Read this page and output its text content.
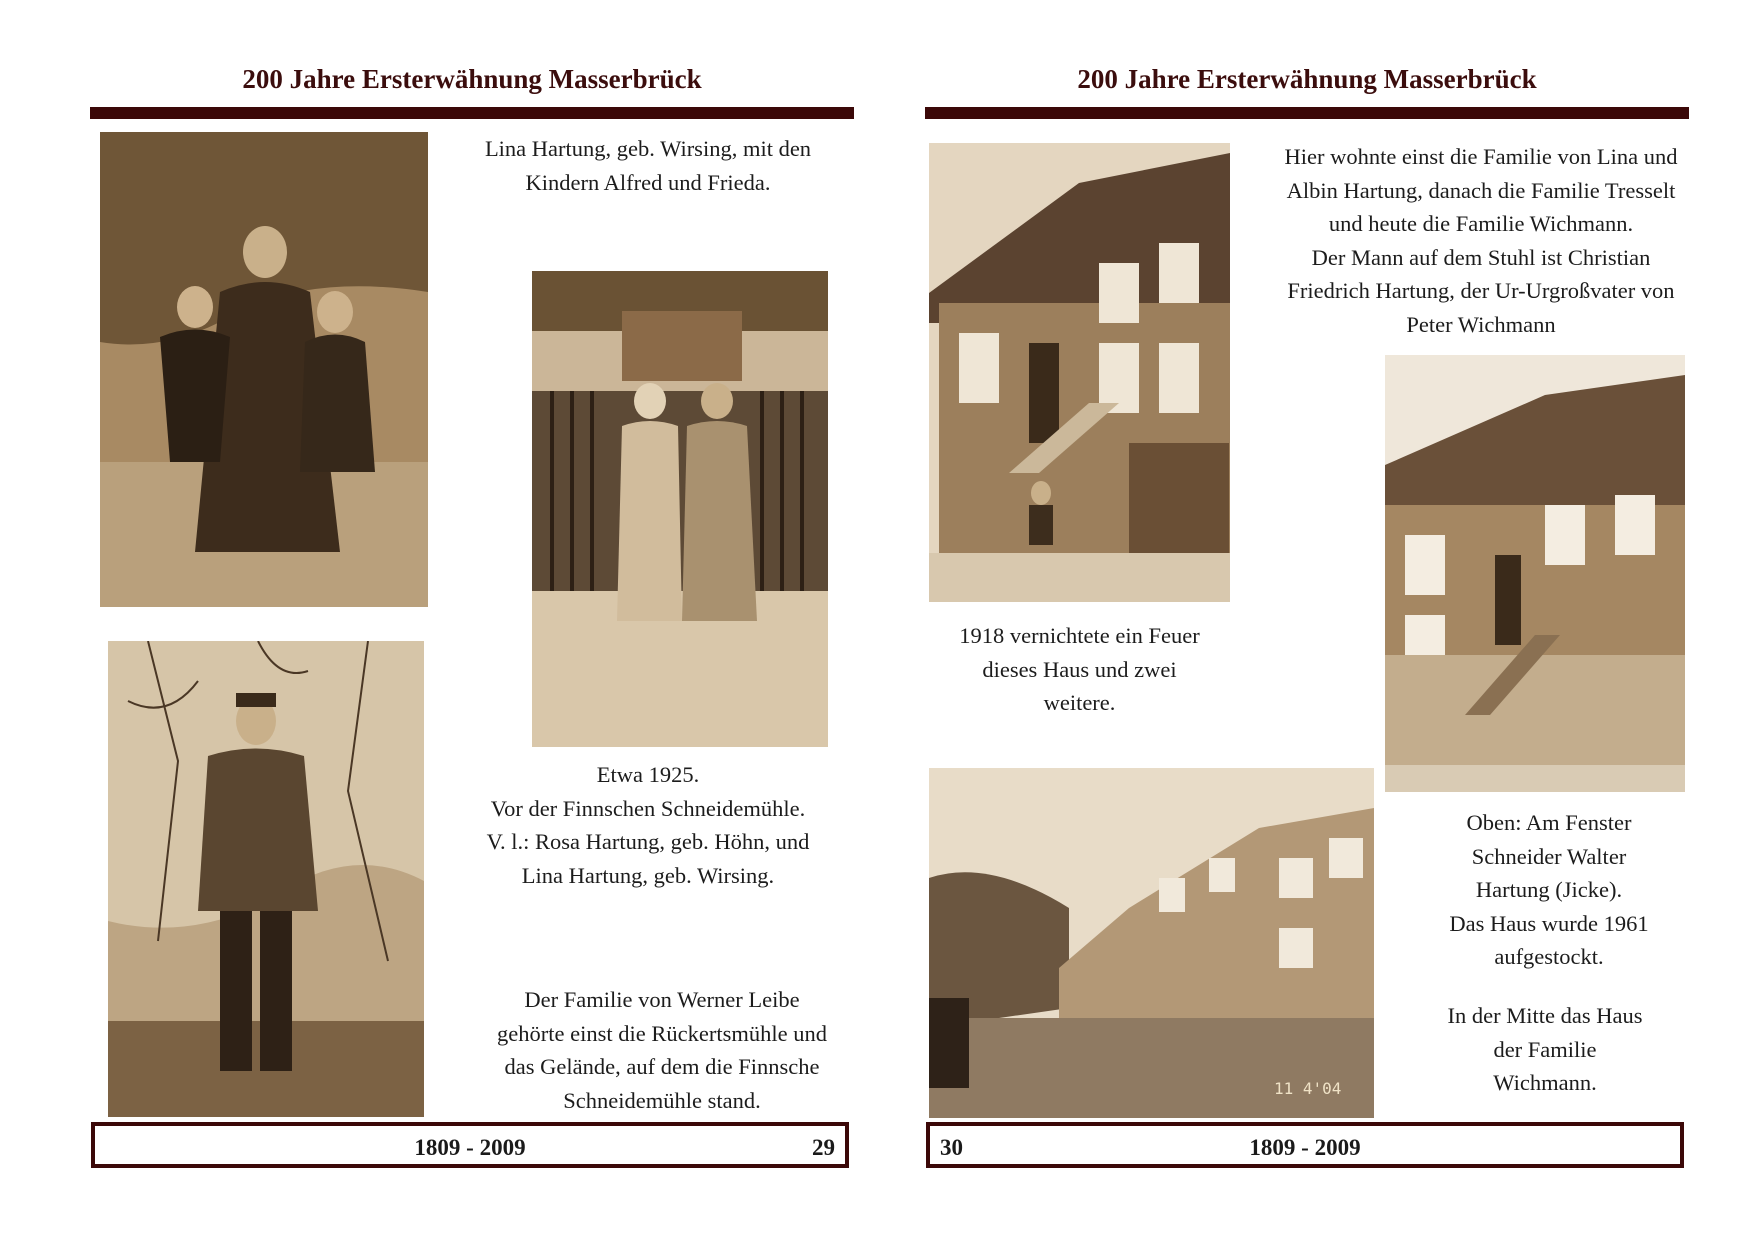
200 Jahre Ersterwähnung Masserbrück

Lina Hartung, geb. Wirsing, mit den

Kindern Alfred und Frieda.

Etwa 1925.

Vor der Finnschen Schneidemühle.

V. l.: Rosa Hartung, geb. Höhn, und

Lina Hartung, geb. Wirsing.

Der Familie von Werner Leibe

gehörte einst die Rückertsmühle und

das Gelände, auf dem die Finnsche

Schneidemühle stand.

1809 - 2009	29
200 Jahre Ersterwähnung Masserbrück

Hier wohnte einst die Familie von Lina und

Albin Hartung, danach die Familie Tresselt

und heute die Familie Wichmann.

Der Mann auf dem Stuhl ist Christian

Friedrich Hartung, der Ur-Urgroßvater von

Peter Wichmann

1918 vernichtete ein Feuer

dieses Haus und zwei

weitere.

11 4'04

Oben: Am Fenster

Schneider Walter

Hartung (Jicke).

Das Haus wurde 1961

aufgestockt.

In der Mitte das Haus

der Familie

Wichmann.

30	1809 - 2009
